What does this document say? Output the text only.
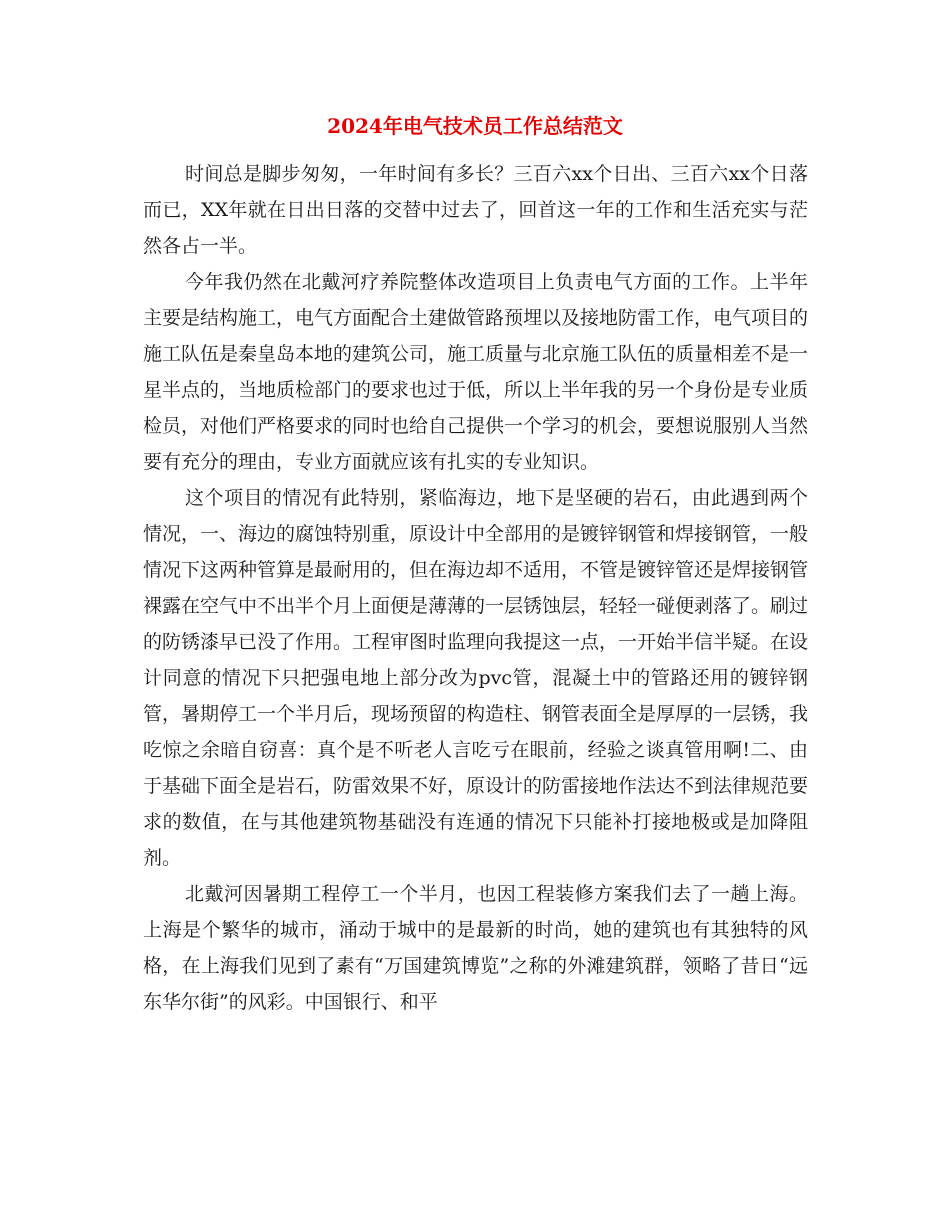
2024年电气技术员工作总结范文

时间总是脚步匆匆，一年时间有多长？三百六xx个日出、三百六xx个日落而已，XX年就在日出日落的交替中过去了，回首这一年的工作和生活充实与茫然各占一半。

今年我仍然在北戴河疗养院整体改造项目上负责电气方面的工作。上半年主要是结构施工，电气方面配合土建做管路预埋以及接地防雷工作，电气项目的施工队伍是秦皇岛本地的建筑公司，施工质量与北京施工队伍的质量相差不是一星半点的，当地质检部门的要求也过于低，所以上半年我的另一个身份是专业质检员，对他们严格要求的同时也给自己提供一个学习的机会，要想说服别人当然要有充分的理由，专业方面就应该有扎实的专业知识。

这个项目的情况有此特别，紧临海边，地下是坚硬的岩石，由此遇到两个情况，一、海边的腐蚀特别重，原设计中全部用的是镀锌钢管和焊接钢管，一般情况下这两种管算是最耐用的，但在海边却不适用，不管是镀锌管还是焊接钢管裸露在空气中不出半个月上面便是薄薄的一层锈蚀层，轻轻一碰便剥落了。刷过的防锈漆早已没了作用。工程审图时监理向我提这一点，一开始半信半疑。在设计同意的情况下只把强电地上部分改为pvc管，混凝土中的管路还用的镀锌钢管，暑期停工一个半月后，现场预留的构造柱、钢管表面全是厚厚的一层锈，我吃惊之余暗自窃喜：真个是不听老人言吃亏在眼前，经验之谈真管用啊!二、由于基础下面全是岩石，防雷效果不好，原设计的防雷接地作法达不到法律规范要求的数值，在与其他建筑物基础没有连通的情况下只能补打接地极或是加降阻剂。

北戴河因暑期工程停工一个半月，也因工程装修方案我们去了一趟上海。上海是个繁华的城市，涌动于城中的是最新的时尚，她的建筑也有其独特的风格，在上海我们见到了素有“万国建筑博览”之称的外滩建筑群，领略了昔日“远东华尔街”的风彩。中国银行、和平
